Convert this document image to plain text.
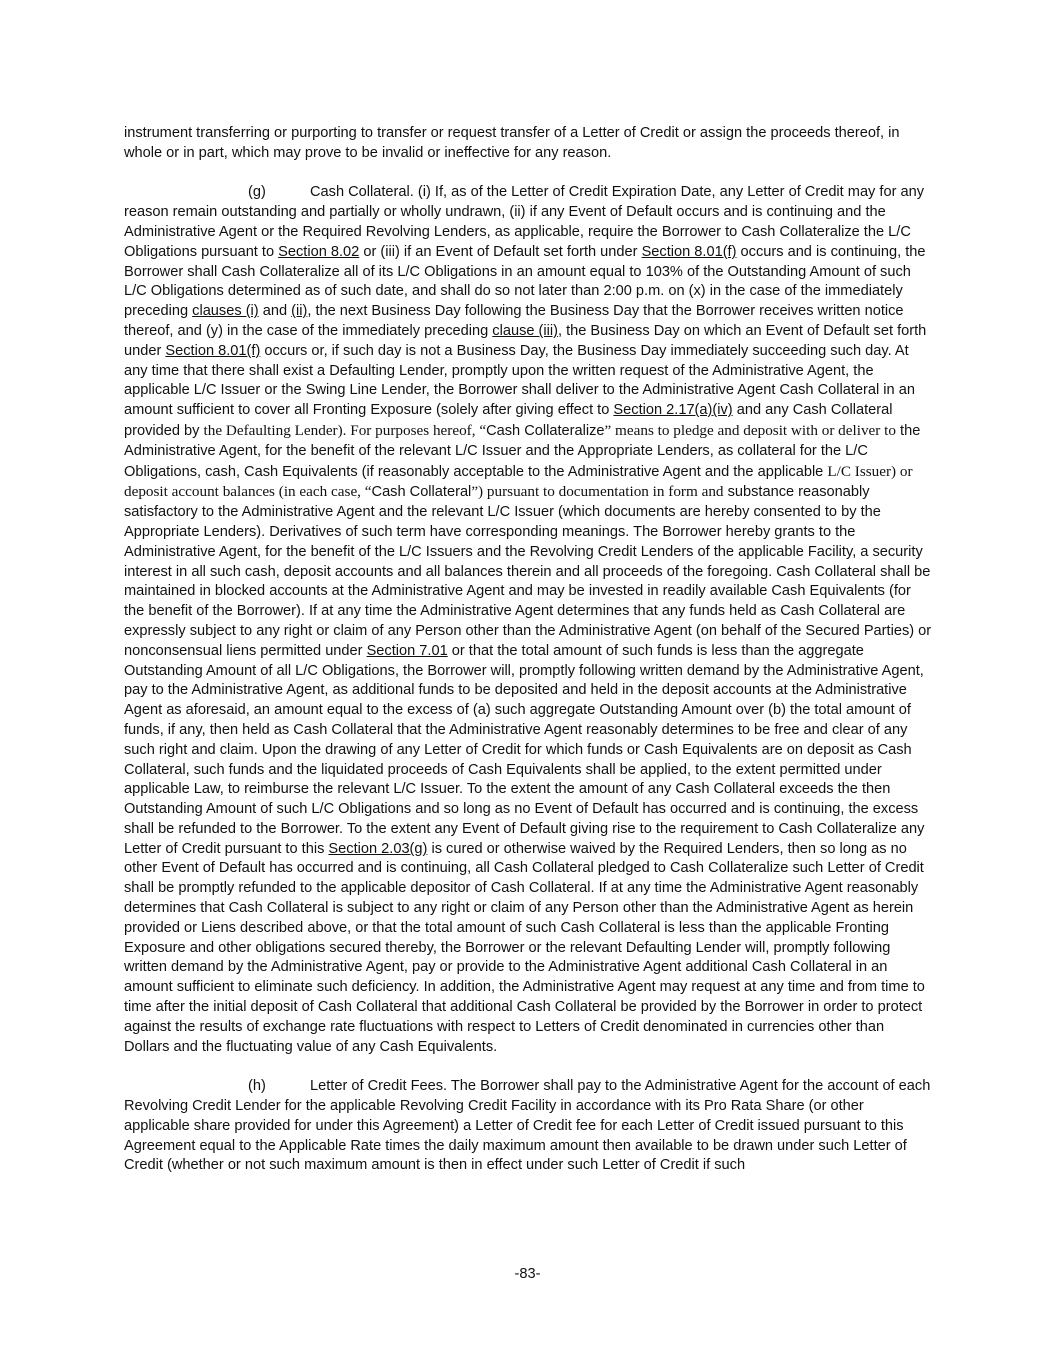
instrument transferring or purporting to transfer or request transfer of a Letter of Credit or assign the proceeds thereof, in whole or in part, which may prove to be invalid or ineffective for any reason.

(g)	Cash Collateral. (i) If, as of the Letter of Credit Expiration Date, any Letter of Credit may for any reason remain outstanding and partially or wholly undrawn, (ii) if any Event of Default occurs and is continuing and the Administrative Agent or the Required Revolving Lenders, as applicable, require the Borrower to Cash Collateralize the L/C Obligations pursuant to Section 8.02 or (iii) if an Event of Default set forth under Section 8.01(f) occurs and is continuing, the Borrower shall Cash Collateralize all of its L/C Obligations in an amount equal to 103% of the Outstanding Amount of such L/C Obligations determined as of such date, and shall do so not later than 2:00 p.m. on (x) in the case of the immediately preceding clauses (i) and (ii), the next Business Day following the Business Day that the Borrower receives written notice thereof, and (y) in the case of the immediately preceding clause (iii), the Business Day on which an Event of Default set forth under Section 8.01(f) occurs or, if such day is not a Business Day, the Business Day immediately succeeding such day. At any time that there shall exist a Defaulting Lender, promptly upon the written request of the Administrative Agent, the applicable L/C Issuer or the Swing Line Lender, the Borrower shall deliver to the Administrative Agent Cash Collateral in an amount sufficient to cover all Fronting Exposure (solely after giving effect to Section 2.17(a)(iv) and any Cash Collateral provided by the Defaulting Lender). For purposes hereof, “Cash Collateralize” means to pledge and deposit with or deliver to the Administrative Agent, for the benefit of the relevant L/C Issuer and the Appropriate Lenders, as collateral for the L/C Obligations, cash, Cash Equivalents (if reasonably acceptable to the Administrative Agent and the applicable L/C Issuer) or deposit account balances (in each case, “Cash Collateral”) pursuant to documentation in form and substance reasonably satisfactory to the Administrative Agent and the relevant L/C Issuer (which documents are hereby consented to by the Appropriate Lenders). Derivatives of such term have corresponding meanings. The Borrower hereby grants to the Administrative Agent, for the benefit of the L/C Issuers and the Revolving Credit Lenders of the applicable Facility, a security interest in all such cash, deposit accounts and all balances therein and all proceeds of the foregoing. Cash Collateral shall be maintained in blocked accounts at the Administrative Agent and may be invested in readily available Cash Equivalents (for the benefit of the Borrower). If at any time the Administrative Agent determines that any funds held as Cash Collateral are expressly subject to any right or claim of any Person other than the Administrative Agent (on behalf of the Secured Parties) or nonconsensual liens permitted under Section 7.01 or that the total amount of such funds is less than the aggregate Outstanding Amount of all L/C Obligations, the Borrower will, promptly following written demand by the Administrative Agent, pay to the Administrative Agent, as additional funds to be deposited and held in the deposit accounts at the Administrative Agent as aforesaid, an amount equal to the excess of (a) such aggregate Outstanding Amount over (b) the total amount of funds, if any, then held as Cash Collateral that the Administrative Agent reasonably determines to be free and clear of any such right and claim. Upon the drawing of any Letter of Credit for which funds or Cash Equivalents are on deposit as Cash Collateral, such funds and the liquidated proceeds of Cash Equivalents shall be applied, to the extent permitted under applicable Law, to reimburse the relevant L/C Issuer. To the extent the amount of any Cash Collateral exceeds the then Outstanding Amount of such L/C Obligations and so long as no Event of Default has occurred and is continuing, the excess shall be refunded to the Borrower. To the extent any Event of Default giving rise to the requirement to Cash Collateralize any Letter of Credit pursuant to this Section 2.03(g) is cured or otherwise waived by the Required Lenders, then so long as no other Event of Default has occurred and is continuing, all Cash Collateral pledged to Cash Collateralize such Letter of Credit shall be promptly refunded to the applicable depositor of Cash Collateral. If at any time the Administrative Agent reasonably determines that Cash Collateral is subject to any right or claim of any Person other than the Administrative Agent as herein provided or Liens described above, or that the total amount of such Cash Collateral is less than the applicable Fronting Exposure and other obligations secured thereby, the Borrower or the relevant Defaulting Lender will, promptly following written demand by the Administrative Agent, pay or provide to the Administrative Agent additional Cash Collateral in an amount sufficient to eliminate such deficiency. In addition, the Administrative Agent may request at any time and from time to time after the initial deposit of Cash Collateral that additional Cash Collateral be provided by the Borrower in order to protect against the results of exchange rate fluctuations with respect to Letters of Credit denominated in currencies other than Dollars and the fluctuating value of any Cash Equivalents.

(h)	Letter of Credit Fees. The Borrower shall pay to the Administrative Agent for the account of each Revolving Credit Lender for the applicable Revolving Credit Facility in accordance with its Pro Rata Share (or other applicable share provided for under this Agreement) a Letter of Credit fee for each Letter of Credit issued pursuant to this Agreement equal to the Applicable Rate times the daily maximum amount then available to be drawn under such Letter of Credit (whether or not such maximum amount is then in effect under such Letter of Credit if such

-83-
